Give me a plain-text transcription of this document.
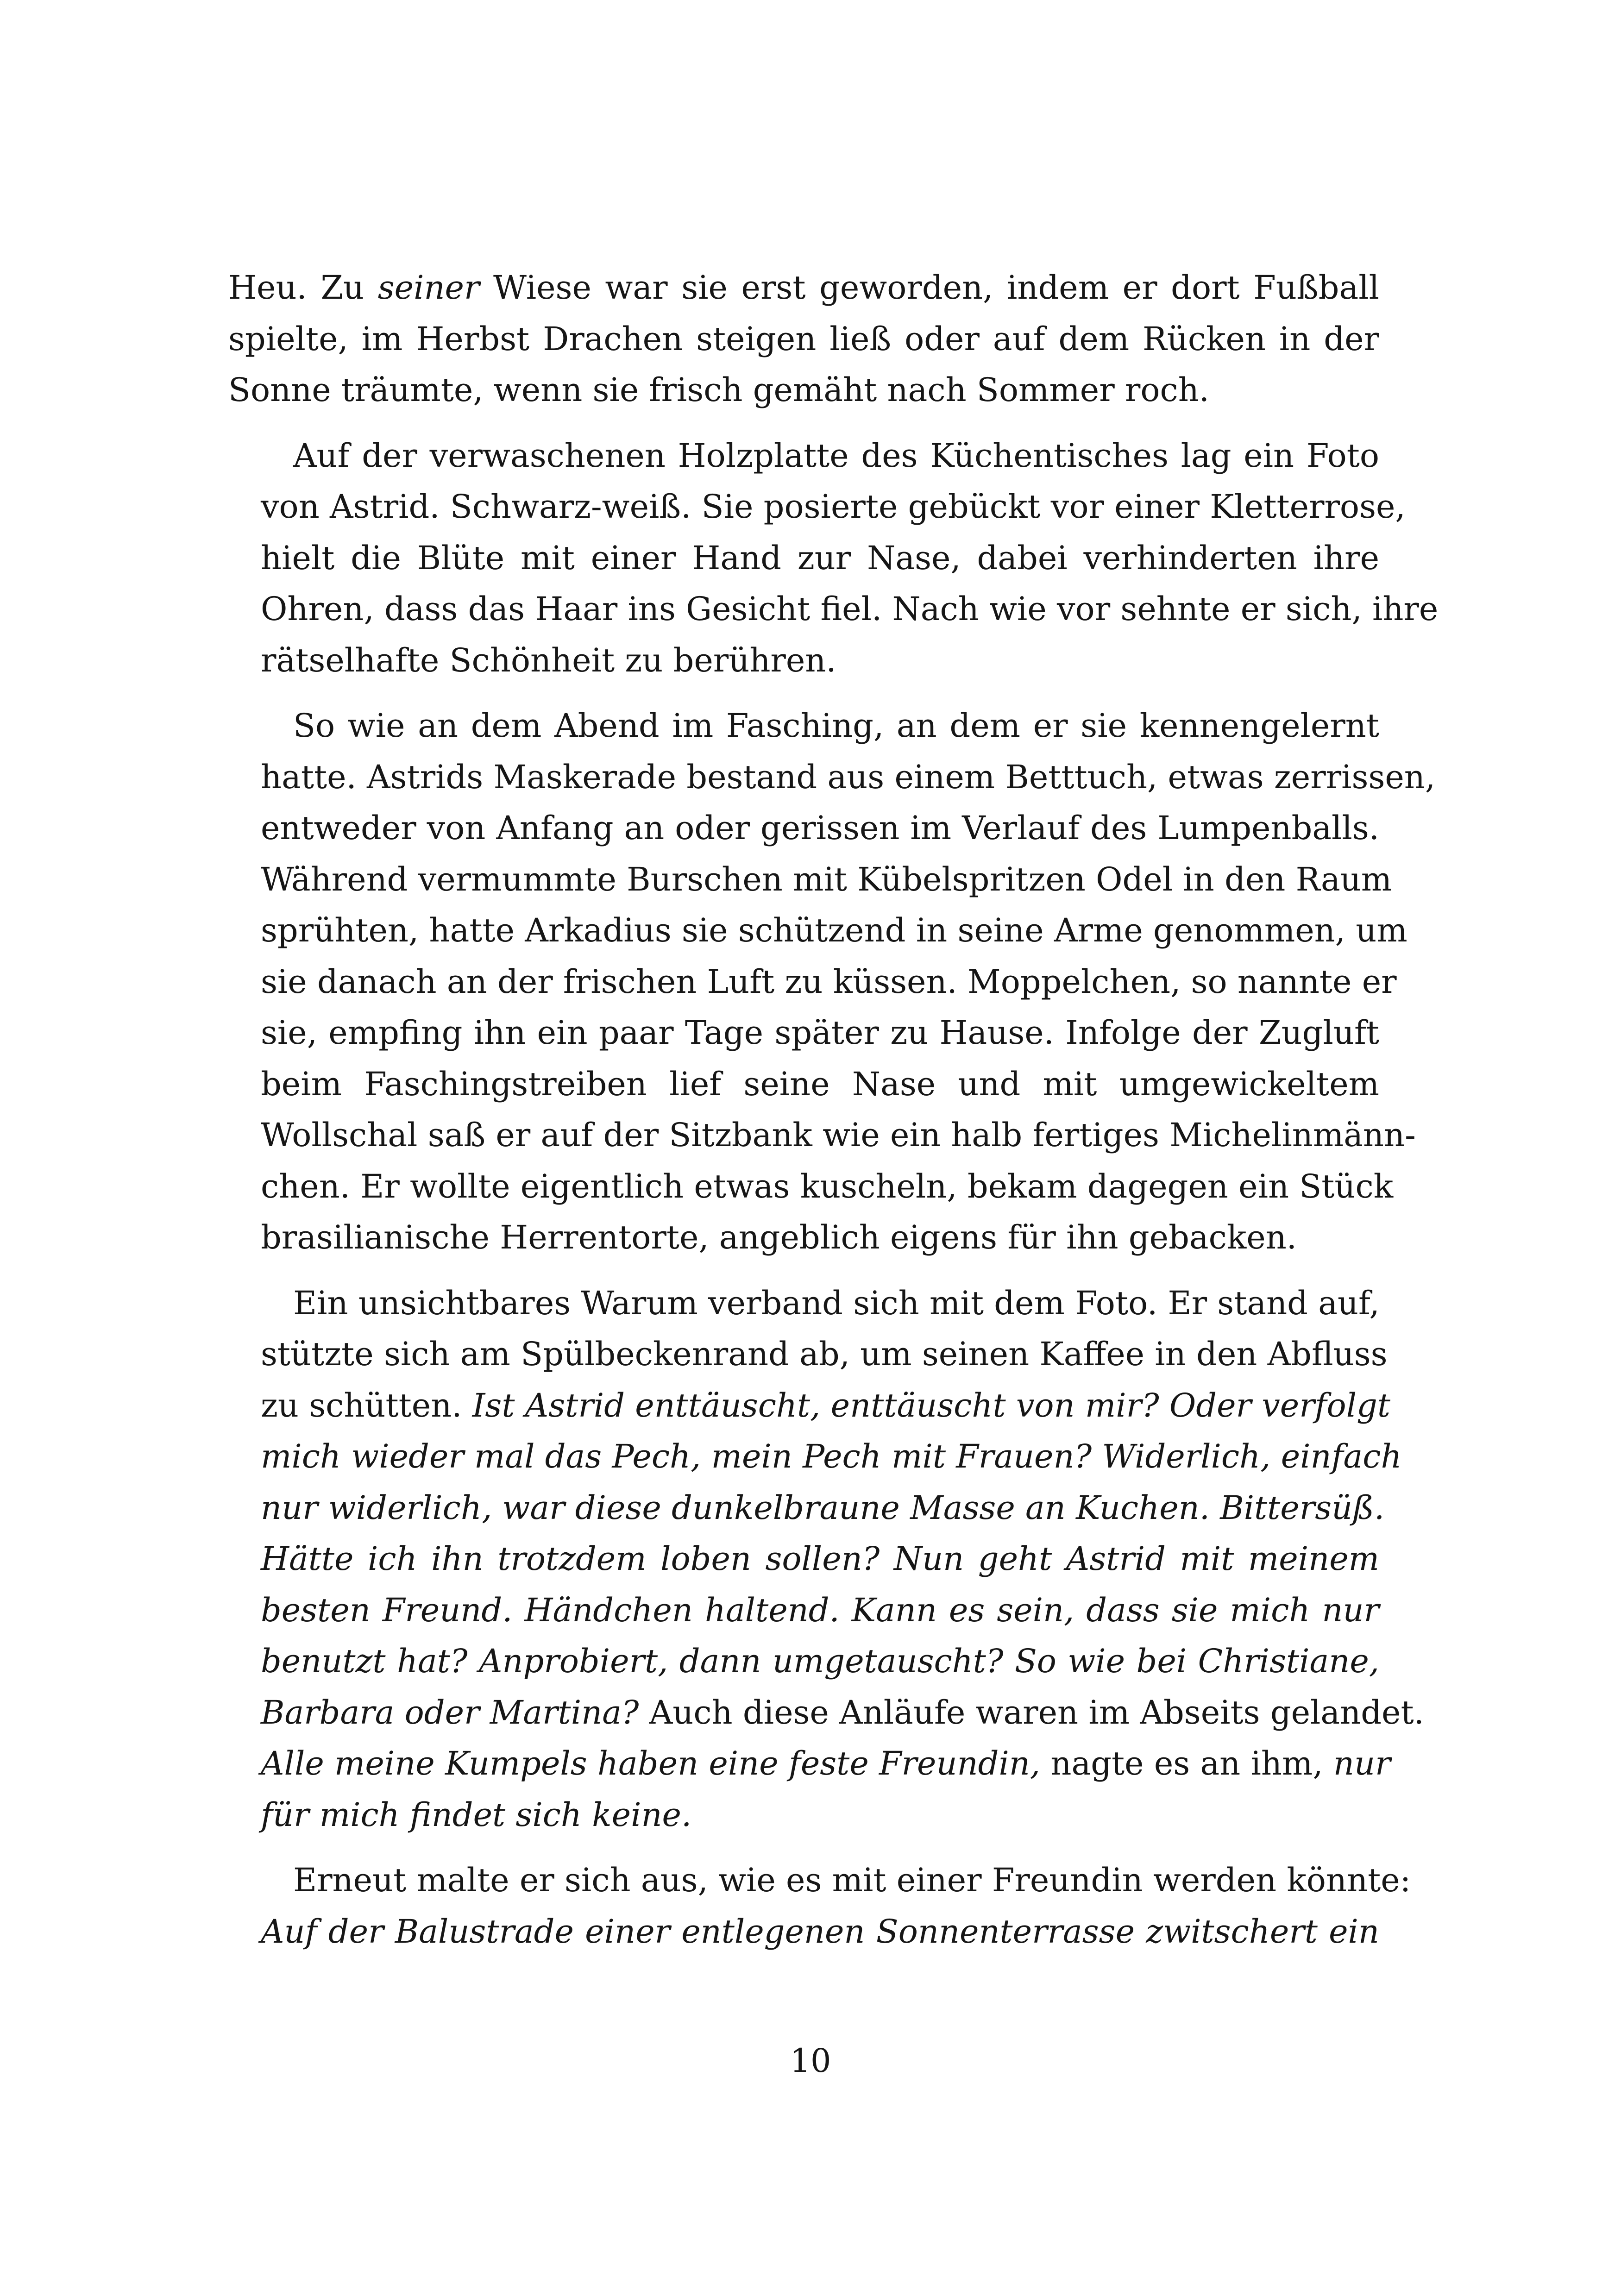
Heu. Zu seiner Wiese war sie erst geworden, indem er dort Fußball
spielte, im Herbst Drachen steigen ließ oder auf dem Rücken in der
Sonne träumte, wenn sie frisch gemäht nach Sommer roch.
Auf der verwaschenen Holzplatte des Küchentisches lag ein Foto
von Astrid. Schwarz-weiß. Sie posierte gebückt vor einer Kletterrose,
hielt die Blüte mit einer Hand zur Nase, dabei verhinderten ihre
Ohren, dass das Haar ins Gesicht fiel. Nach wie vor sehnte er sich, ihre
rätselhafte Schönheit zu berühren.
So wie an dem Abend im Fasching, an dem er sie kennengelernt
hatte. Astrids Maskerade bestand aus einem Betttuch, etwas zerrissen,
entweder von Anfang an oder gerissen im Verlauf des Lumpenballs.
Während vermummte Burschen mit Kübelspritzen Odel in den Raum
sprühten, hatte Arkadius sie schützend in seine Arme genommen, um
sie danach an der frischen Luft zu küssen. Moppelchen, so nannte er
sie, empfing ihn ein paar Tage später zu Hause. Infolge der Zugluft
beim Faschingstreiben lief seine Nase und mit umgewickeltem
Wollschal saß er auf der Sitzbank wie ein halb fertiges Michelinmänn-
chen. Er wollte eigentlich etwas kuscheln, bekam dagegen ein Stück
brasilianische Herrentorte, angeblich eigens für ihn gebacken.
Ein unsichtbares Warum verband sich mit dem Foto. Er stand auf,
stützte sich am Spülbeckenrand ab, um seinen Kaffee in den Abfluss
zu schütten. Ist Astrid enttäuscht, enttäuscht von mir? Oder verfolgt
mich wieder mal das Pech, mein Pech mit Frauen? Widerlich, einfach
nur widerlich, war diese dunkelbraune Masse an Kuchen. Bittersüß.
Hätte ich ihn trotzdem loben sollen? Nun geht Astrid mit meinem
besten Freund. Händchen haltend. Kann es sein, dass sie mich nur
benutzt hat? Anprobiert, dann umgetauscht? So wie bei Christiane,
Barbara oder Martina? Auch diese Anläufe waren im Abseits gelandet.
Alle meine Kumpels haben eine feste Freundin, nagte es an ihm, nur
für mich findet sich keine.
Erneut malte er sich aus, wie es mit einer Freundin werden könnte:
Auf der Balustrade einer entlegenen Sonnenterrasse zwitschert ein
10
